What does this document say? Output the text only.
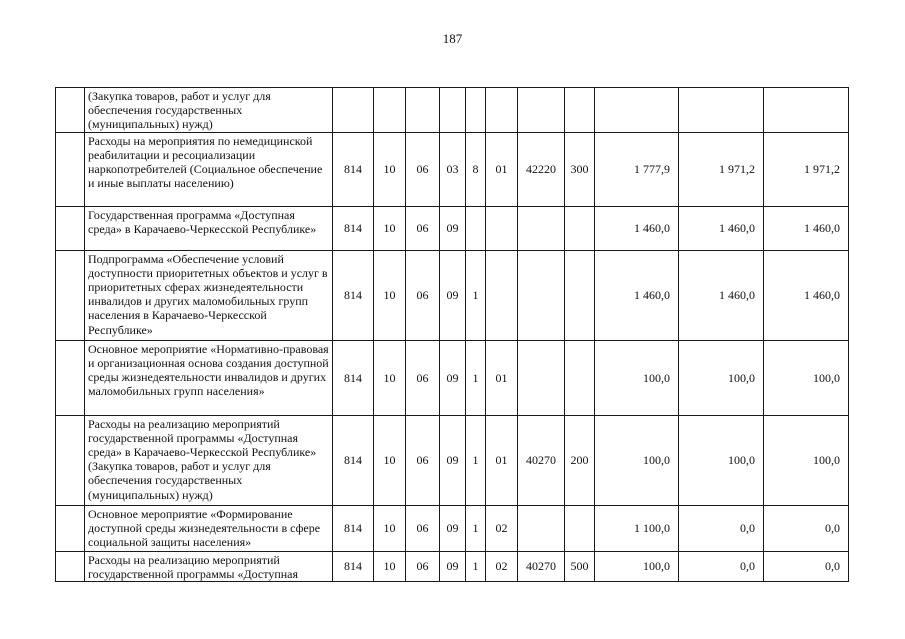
187
	(Закупка товаров, работ и услуг для обеспечения государственных (муниципальных) нужд)											
	Расходы на мероприятия по немедицинской реабилитации и ресоциализации наркопотребителей (Социальное обеспечение и иные выплаты населению)	814	10	06	03	8	01	42220	300	1 777,9	1 971,2	1 971,2
	Государственная программа «Доступная среда» в Карачаево-Черкесской Республике»	814	10	06	09					1 460,0	1 460,0	1 460,0
	Подпрограмма «Обеспечение условий доступности приоритетных объектов и услуг в приоритетных сферах жизнедеятельности инвалидов и других маломобильных групп населения в Карачаево-Черкесской Республике»	814	10	06	09	1				1 460,0	1 460,0	1 460,0
	Основное мероприятие «Нормативно-правовая и организационная основа создания доступной среды жизнедеятельности инвалидов и других маломобильных групп населения»	814	10	06	09	1	01			100,0	100,0	100,0
	Расходы на реализацию мероприятий государственной программы «Доступная среда» в Карачаево-Черкесской Республике» (Закупка товаров, работ и услуг для обеспечения государственных (муниципальных) нужд)	814	10	06	09	1	01	40270	200	100,0	100,0	100,0
	Основное мероприятие «Формирование доступной среды жизнедеятельности в сфере социальной защиты населения»	814	10	06	09	1	02			1 100,0	0,0	0,0
	Расходы на реализацию мероприятий государственной программы «Доступная	814	10	06	09	1	02	40270	500	100,0	0,0	0,0
